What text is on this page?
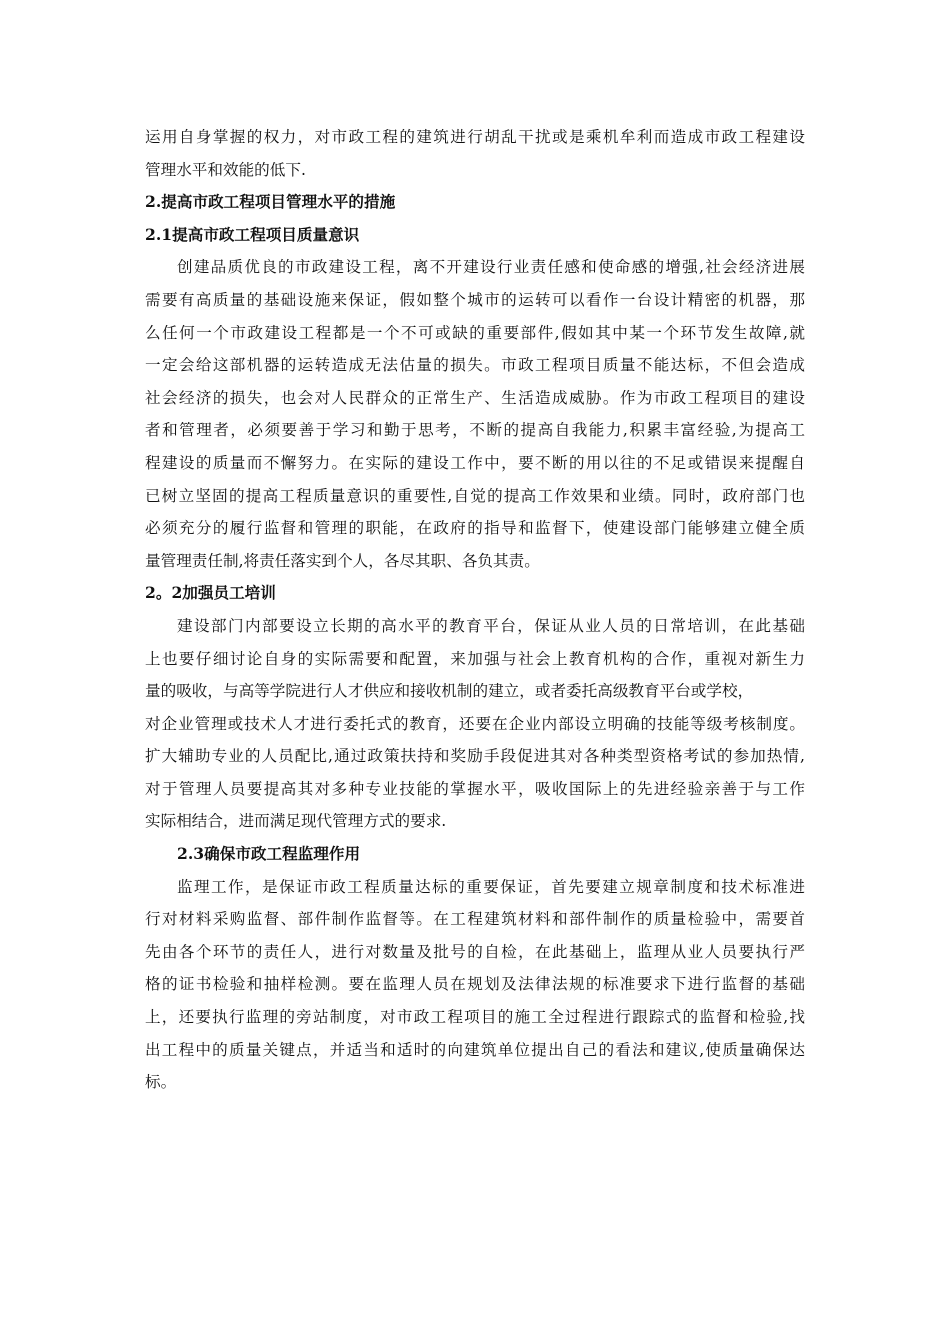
运用自身掌握的权力，对市政工程的建筑进行胡乱干扰或是乘机牟利而造成市政工程建设
管理水平和效能的低下.
2.提高市政工程项目管理水平的措施
2.1提高市政工程项目质量意识
创建品质优良的市政建设工程，离不开建设行业责任感和使命感的增强,社会经济进展
需要有高质量的基础设施来保证，假如整个城市的运转可以看作一台设计精密的机器，那
么任何一个市政建设工程都是一个不可或缺的重要部件,假如其中某一个环节发生故障,就
一定会给这部机器的运转造成无法估量的损失。市政工程项目质量不能达标，不但会造成
社会经济的损失，也会对人民群众的正常生产、生活造成威胁。作为市政工程项目的建设
者和管理者，必须要善于学习和勤于思考，不断的提高自我能力,积累丰富经验,为提高工
程建设的质量而不懈努力。在实际的建设工作中，要不断的用以往的不足或错误来提醒自
已树立坚固的提高工程质量意识的重要性,自觉的提高工作效果和业绩。同时，政府部门也
必须充分的履行监督和管理的职能，在政府的指导和监督下，使建设部门能够建立健全质
量管理责任制,将责任落实到个人，各尽其职、各负其责。
2。2加强员工培训
建设部门内部要设立长期的高水平的教育平台，保证从业人员的日常培训，在此基础
上也要仔细讨论自身的实际需要和配置，来加强与社会上教育机构的合作，重视对新生力
量的吸收，与高等学院进行人才供应和接收机制的建立，或者委托高级教育平台或学校，
对企业管理或技术人才进行委托式的教育，还要在企业内部设立明确的技能等级考核制度。
扩大辅助专业的人员配比,通过政策扶持和奖励手段促进其对各种类型资格考试的参加热情,
对于管理人员要提高其对多种专业技能的掌握水平，吸收国际上的先进经验亲善于与工作
实际相结合，进而满足现代管理方式的要求.
2.3确保市政工程监理作用
监理工作，是保证市政工程质量达标的重要保证，首先要建立规章制度和技术标准进
行对材料采购监督、部件制作监督等。在工程建筑材料和部件制作的质量检验中，需要首
先由各个环节的责任人，进行对数量及批号的自检，在此基础上，监理从业人员要执行严
格的证书检验和抽样检测。要在监理人员在规划及法律法规的标准要求下进行监督的基础
上，还要执行监理的旁站制度，对市政工程项目的施工全过程进行跟踪式的监督和检验,找
出工程中的质量关键点，并适当和适时的向建筑单位提出自己的看法和建议,使质量确保达
标。
